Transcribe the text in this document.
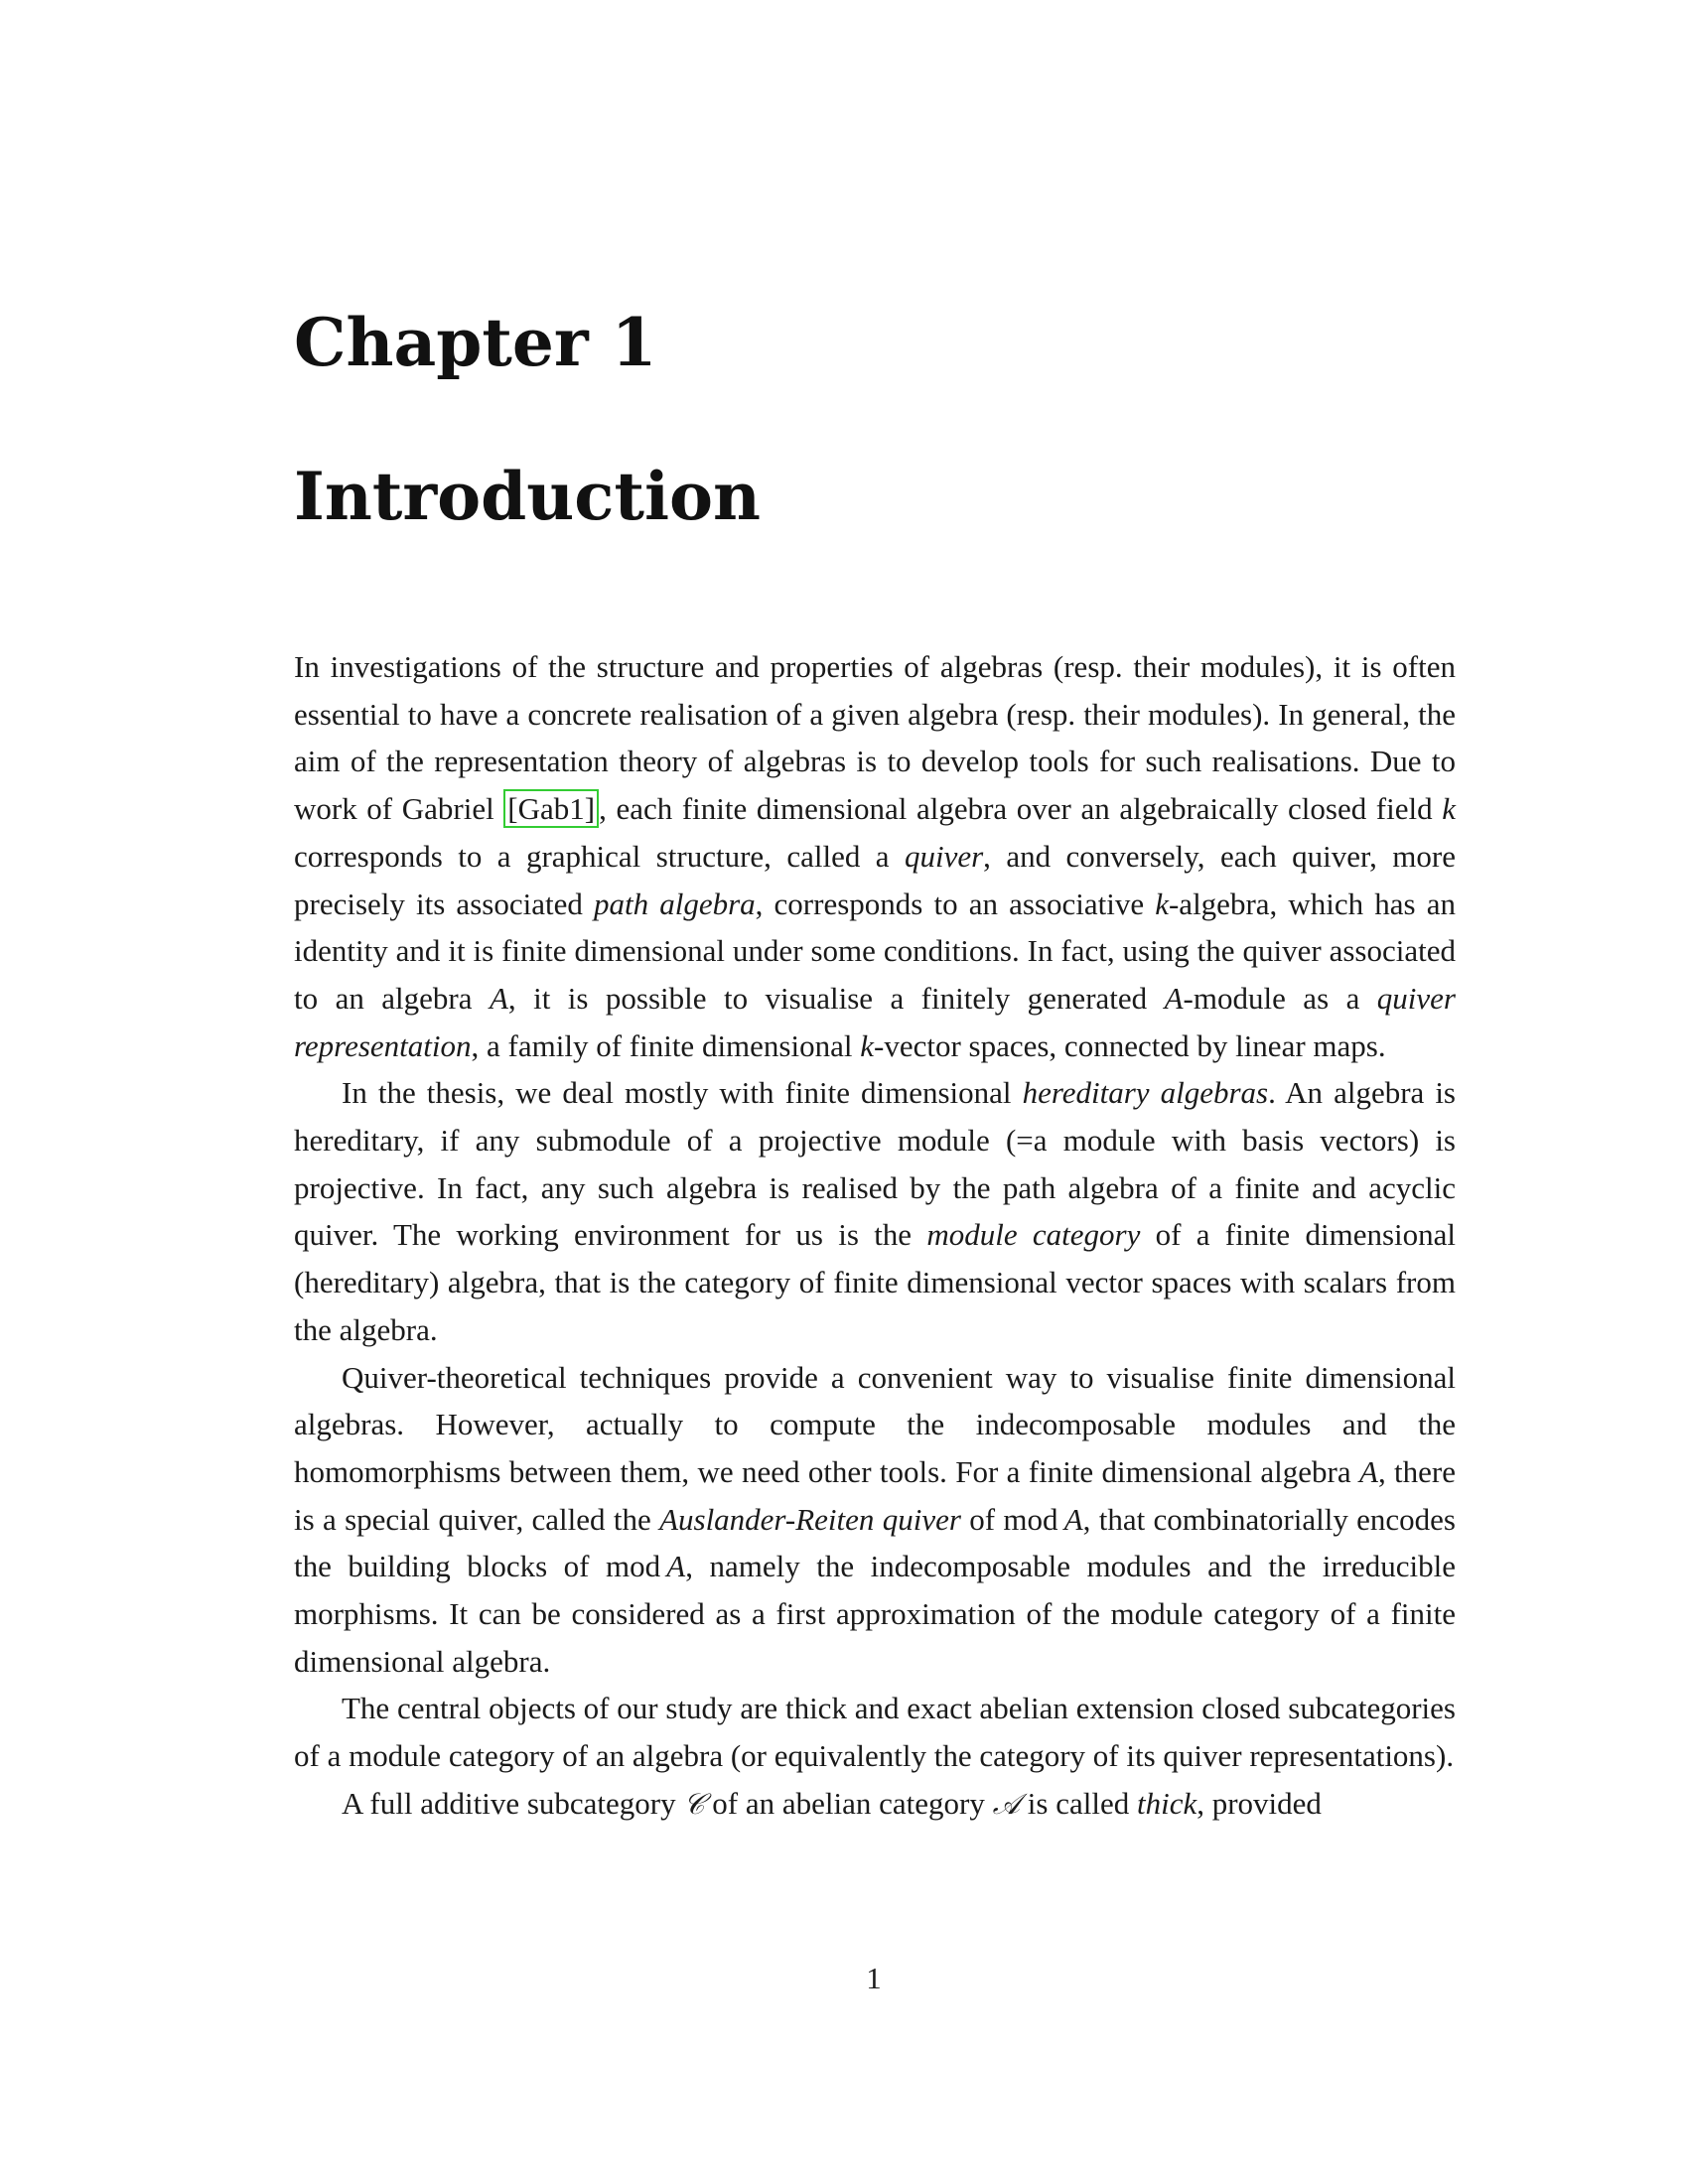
Chapter 1
Introduction

In investigations of the structure and properties of algebras (resp. their modules), it is often essential to have a concrete realisation of a given algebra (resp. their modules). In general, the aim of the representation theory of algebras is to develop tools for such realisations. Due to work of Gabriel [Gab1] , each finite dimensional algebra over an algebraically closed field k corresponds to a graphical structure, called a quiver, and conversely, each quiver, more precisely its associated path algebra, corresponds to an associative k-algebra, which has an identity and it is finite dimensional under some conditions. In fact, using the quiver associated to an algebra A, it is possible to visualise a finitely generated A-module as a quiver representation, a family of finite dimensional k-vector spaces, connected by linear maps.

In the thesis, we deal mostly with finite dimensional hereditary algebras. An algebra is hereditary, if any submodule of a projective module (=a module with basis vectors) is projective. In fact, any such algebra is realised by the path algebra of a finite and acyclic quiver. The working environment for us is the module category of a finite dimensional (hereditary) algebra, that is the category of finite dimensional vector spaces with scalars from the algebra.

Quiver-theoretical techniques provide a convenient way to visualise finite dimensional algebras. However, actually to compute the indecomposable modules and the homomorphisms between them, we need other tools. For a finite dimensional algebra A, there is a special quiver, called the Auslander-Reiten quiver of mod A, that combinatorially encodes the building blocks of mod A, namely the indecomposable modules and the irreducible morphisms. It can be considered as a first approximation of the module category of a finite dimensional algebra.

The central objects of our study are thick and exact abelian extension closed subcategories of a module category of an algebra (or equivalently the category of its quiver representations).

A full additive subcategory 𝒞 of an abelian category 𝒜 is called thick, provided

1
